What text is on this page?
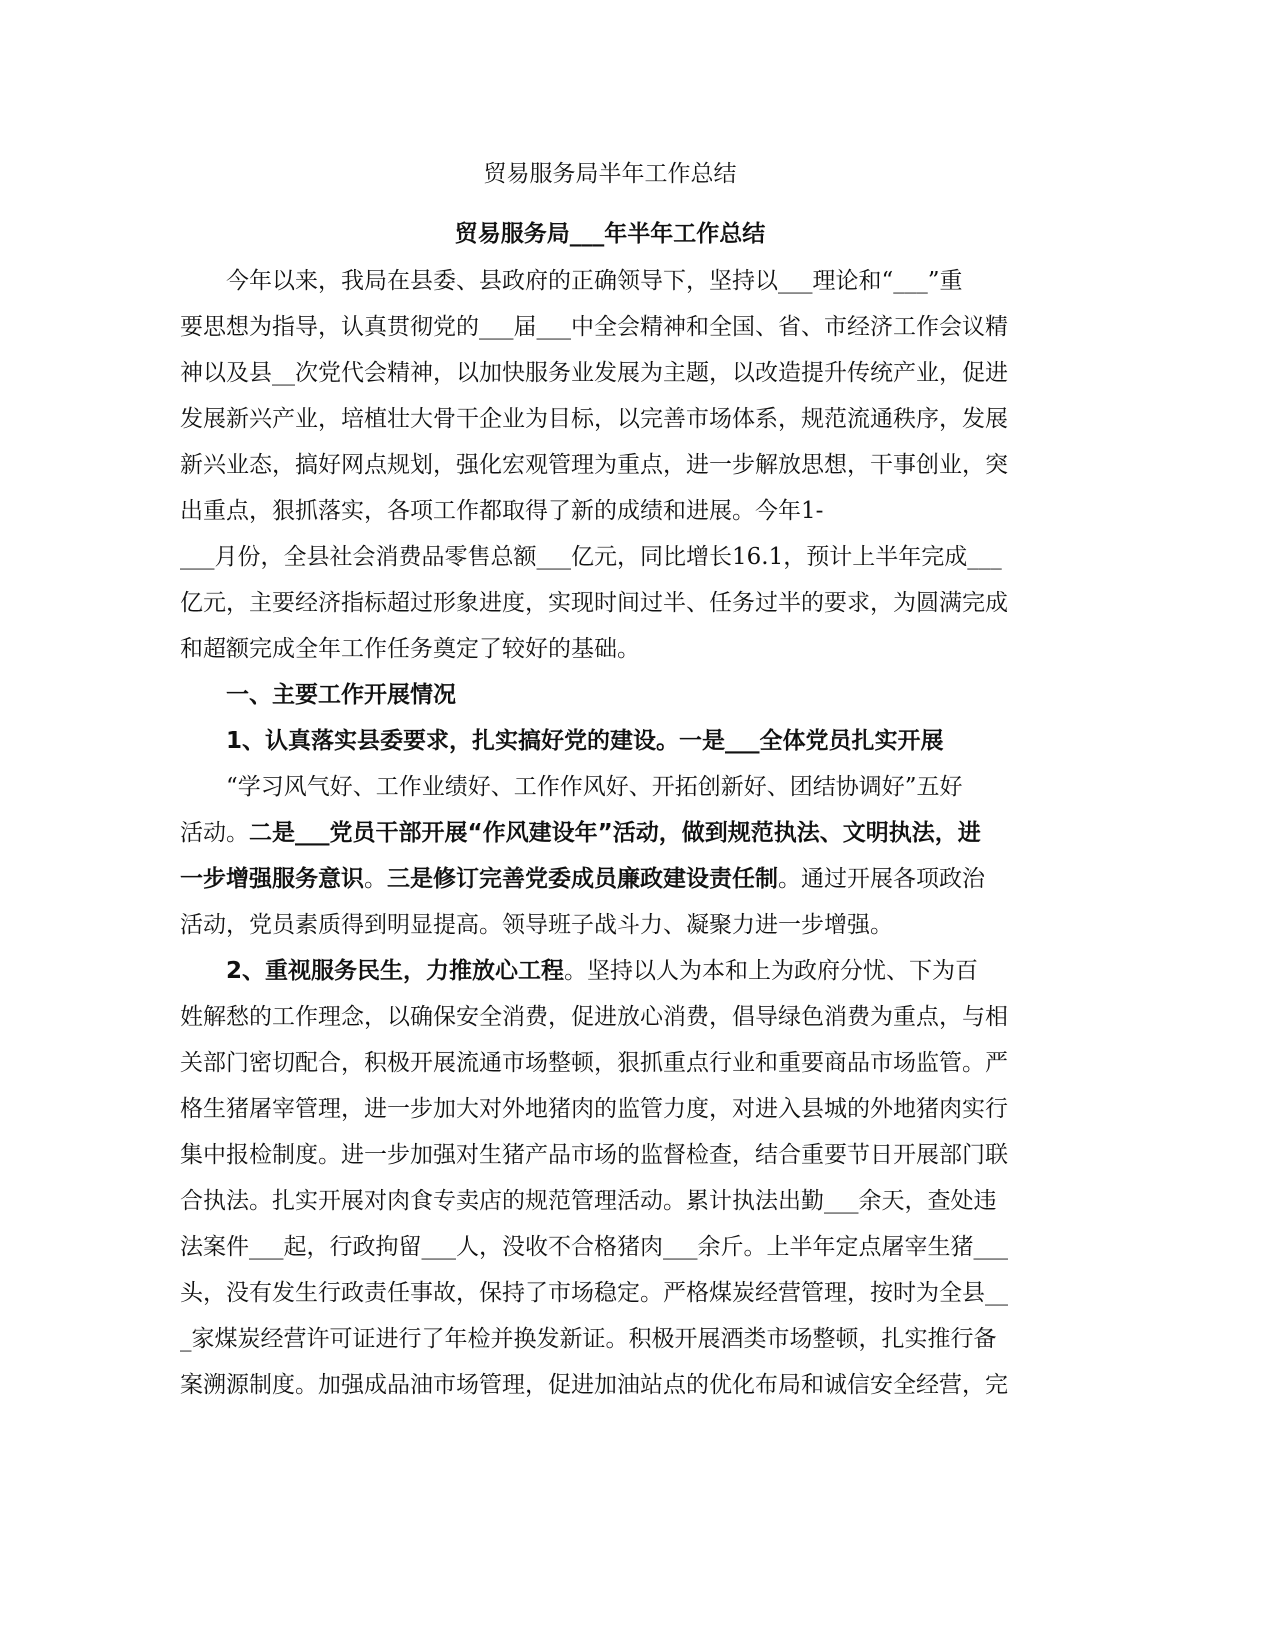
贸易服务局半年工作总结
贸易服务局___年半年工作总结
　　今年以来，我局在县委、县政府的正确领导下，坚持以___理论和“___”重
要思想为指导，认真贯彻党的___届___中全会精神和全国、省、市经济工作会议精
神以及县__次党代会精神，以加快服务业发展为主题，以改造提升传统产业，促进
发展新兴产业，培植壮大骨干企业为目标，以完善市场体系，规范流通秩序，发展
新兴业态，搞好网点规划，强化宏观管理为重点，进一步解放思想，干事创业，突
出重点，狠抓落实，各项工作都取得了新的成绩和进展。今年1-
___月份，全县社会消费品零售总额___亿元，同比增长16.1，预计上半年完成___
亿元，主要经济指标超过形象进度，实现时间过半、任务过半的要求，为圆满完成
和超额完成全年工作任务奠定了较好的基础。
一、主要工作开展情况
1、认真落实县委要求，扎实搞好党的建设。一是___全体党员扎实开展
“学习风气好、工作业绩好、工作作风好、开拓创新好、团结协调好”五好
活动。二是___党员干部开展“作风建设年”活动，做到规范执法、文明执法，进
一步增强服务意识。三是修订完善党委成员廉政建设责任制。通过开展各项政治
活动，党员素质得到明显提高。领导班子战斗力、凝聚力进一步增强。
2、重视服务民生，力推放心工程。坚持以人为本和上为政府分忧、下为百
姓解愁的工作理念，以确保安全消费，促进放心消费，倡导绿色消费为重点，与相
关部门密切配合，积极开展流通市场整顿，狠抓重点行业和重要商品市场监管。严
格生猪屠宰管理，进一步加大对外地猪肉的监管力度，对进入县城的外地猪肉实行
集中报检制度。进一步加强对生猪产品市场的监督检查，结合重要节日开展部门联
合执法。扎实开展对肉食专卖店的规范管理活动。累计执法出勤___余天，查处违
法案件___起，行政拘留___人，没收不合格猪肉___余斤。上半年定点屠宰生猪___
头，没有发生行政责任事故，保持了市场稳定。严格煤炭经营管理，按时为全县__
_家煤炭经营许可证进行了年检并换发新证。积极开展酒类市场整顿，扎实推行备
案溯源制度。加强成品油市场管理，促进加油站点的优化布局和诚信安全经营，完
